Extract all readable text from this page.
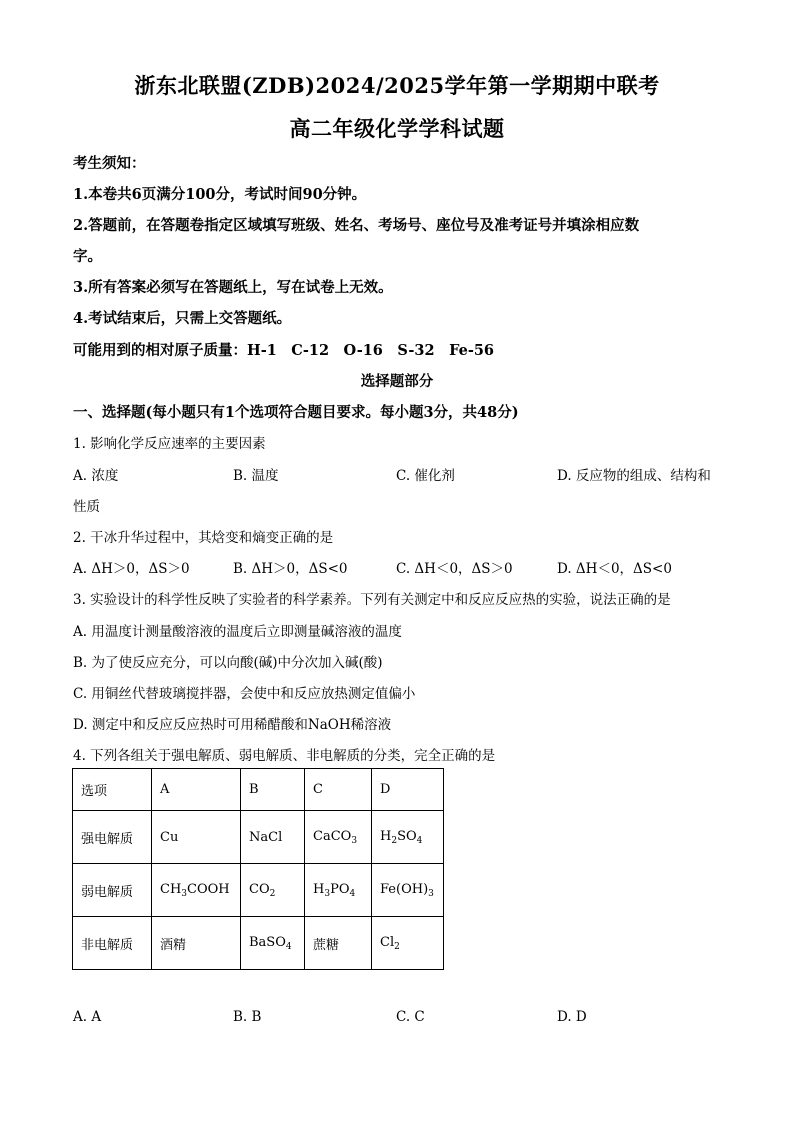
浙东北联盟(ZDB)2024/2025学年第一学期期中联考
高二年级化学学科试题
考生须知：
1.本卷共6页满分100分，考试时间90分钟。
2.答题前，在答题卷指定区域填写班级、姓名、考场号、座位号及准考证号并填涂相应数
字。
3.所有答案必须写在答题纸上，写在试卷上无效。
4.考试结束后，只需上交答题纸。
可能用到的相对原子质量：H-1　C-12　O-16　S-32　Fe-56
选择题部分
一、选择题(每小题只有1个选项符合题目要求。每小题3分，共48分)
1. 影响化学反应速率的主要因素
A. 浓度	B. 温度	C. 催化剂	D. 反应物的组成、结构和
性质
2. 干冰升华过程中，其焓变和熵变正确的是
A. ΔH＞0，ΔS＞0	B. ΔH＞0，ΔS<0	C. ΔH＜0，ΔS＞0	D. ΔH＜0，ΔS<0
3. 实验设计的科学性反映了实验者的科学素养。下列有关测定中和反应反应热的实验，说法正确的是
A. 用温度计测量酸溶液的温度后立即测量碱溶液的温度
B. 为了使反应充分，可以向酸(碱)中分次加入碱(酸)
C. 用铜丝代替玻璃搅拌器，会使中和反应放热测定值偏小
D. 测定中和反应反应热时可用稀醋酸和NaOH稀溶液
4. 下列各组关于强电解质、弱电解质、非电解质的分类，完全正确的是
选项	A	B	C	D
强电解质	Cu	NaCl	CaCO$_3$	$H_2SO_4$
弱电解质	$CH_3COOH$	$CO_2$	$H_3PO_4$	$Fe(OH)_3$
非电解质	酒精	BaSO$_4$	蔗糖	$Cl_2$
A. A	B. B	C. C	D. D
